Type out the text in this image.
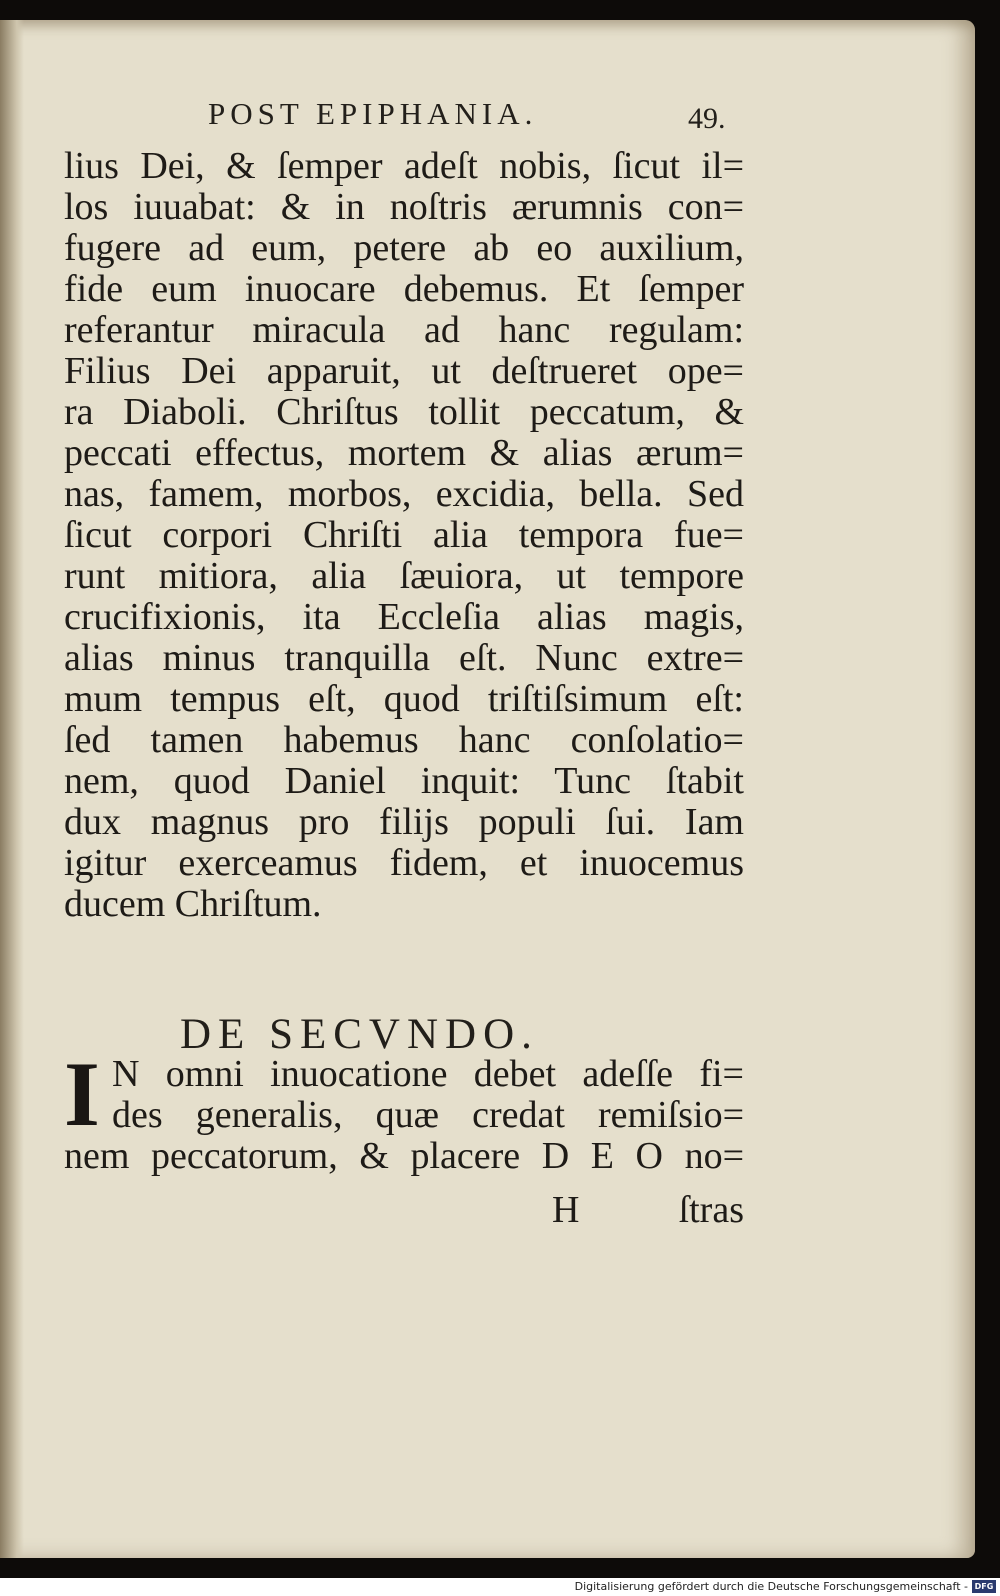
POST EPIPHANIA.	49.
lius Dei, & ſemper adeſt nobis, ſicut il=
los iuuabat: & in noſtris ærumnis con=
fugere ad eum, petere ab eo auxilium,
fide eum inuocare debemus. Et ſemper
referantur miracula ad hanc regulam:
Filius Dei apparuit, ut deſtrueret ope=
ra Diaboli. Chriſtus tollit peccatum, &
peccati effectus, mortem & alias ærum=
nas, famem, morbos, excidia, bella. Sed
ſicut corpori Chriſti alia tempora fue=
runt mitiora, alia ſæuiora, ut tempore
crucifixionis, ita Eccleſia alias magis,
alias minus tranquilla eſt. Nunc extre=
mum tempus eſt, quod triſtiſsimum eſt:
ſed tamen habemus hanc conſolatio=
nem, quod Daniel inquit: Tunc ſtabit
dux magnus pro filijs populi ſui. Iam
igitur exerceamus fidem, et inuocemus
ducem Chriſtum.
DE SECVNDO.
I N omni inuocatione debet adeſſe fi=
des generalis, quæ credat remiſsio=
nem peccatorum, & placere D E O no=
H	ſtras
Digitalisierung gefördert durch die Deutsche Forschungsgemeinschaft - DFG
